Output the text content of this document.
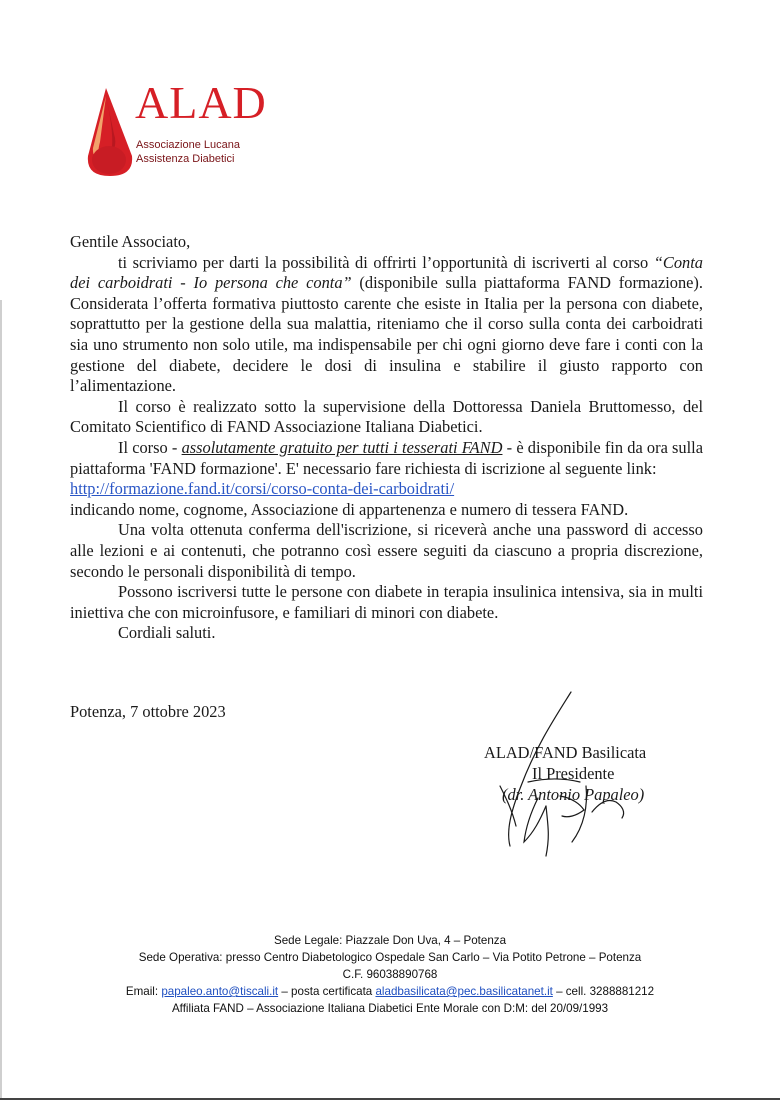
ALAD
Associazione Lucana
Assistenza Diabetici

Gentile Associato,

ti scriviamo per darti la possibilità di offrirti l’opportunità di iscriverti al corso “Conta dei carboidrati - Io persona che conta” (disponibile sulla piattaforma FAND formazione). Considerata l’offerta formativa piuttosto carente che esiste in Italia per la persona con diabete, soprattutto per la gestione della sua malattia, riteniamo che il corso sulla conta dei carboidrati sia uno strumento non solo utile, ma indispensabile per chi ogni giorno deve fare i conti con la gestione del diabete, decidere le dosi di insulina e stabilire il giusto rapporto con l’alimentazione.

Il corso è realizzato sotto la supervisione della Dottoressa Daniela Bruttomesso, del Comitato Scientifico di FAND Associazione Italiana Diabetici.

Il corso - assolutamente gratuito per tutti i tesserati FAND - è disponibile fin da ora sulla piattaforma 'FAND formazione'. E' necessario fare richiesta di iscrizione al seguente link:

http://formazione.fand.it/corsi/corso-conta-dei-carboidrati/

indicando nome, cognome, Associazione di appartenenza e numero di tessera FAND.

Una volta ottenuta conferma dell'iscrizione, si riceverà anche una password di accesso alle lezioni e ai contenuti, che potranno così essere seguiti da ciascuno a propria discrezione, secondo le personali disponibilità di tempo.

Possono iscriversi tutte le persone con diabete in terapia insulinica intensiva, sia in multi iniettiva che con microinfusore, e familiari di minori con diabete.

Cordiali saluti.

Potenza, 7 ottobre 2023
ALAD/FAND Basilicata
Il Presidente
(dr. Antonio Papaleo)
Sede Legale: Piazzale Don Uva, 4 – Potenza
Sede Operativa: presso Centro Diabetologico Ospedale San Carlo – Via Potito Petrone – Potenza
C.F. 96038890768
Email: papaleo.anto@tiscali.it – posta certificata aladbasilicata@pec.basilicatanet.it – cell. 3288881212
Affiliata FAND – Associazione Italiana Diabetici Ente Morale con D:M: del 20/09/1993
